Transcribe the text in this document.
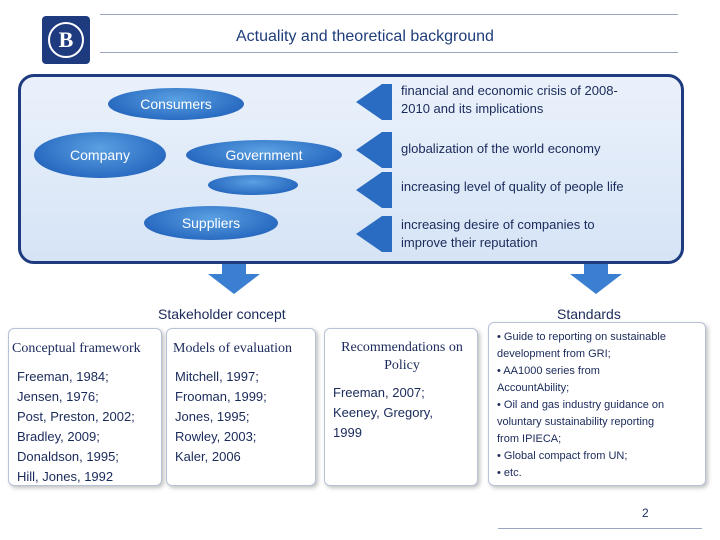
В	Actuality and theoretical background
Consumers
Company	Government
Suppliers
financial and economic crisis of 2008-
2010 and its implications
globalization of the world economy
increasing level of quality of people life
increasing desire of companies to
improve their reputation
Stakeholder concept	Standards
Conceptual framework
Freeman, 1984;
Jensen, 1976;
Post, Preston, 2002;
Bradley, 2009;
Donaldson, 1995;
Hill, Jones, 1992
Models of evaluation
Mitchell, 1997;
Frooman, 1999;
Jones, 1995;
Rowley, 2003;
Kaler, 2006
Recommendations on Policy
Freeman, 2007;
Keeney, Gregory,
1999
• Guide to reporting on sustainable
development from GRI;
• AA1000 series from
AccountAbility;
• Oil and gas industry guidance on
voluntary sustainability reporting
from IPIECA;
• Global compact from UN;
• etc.
2
